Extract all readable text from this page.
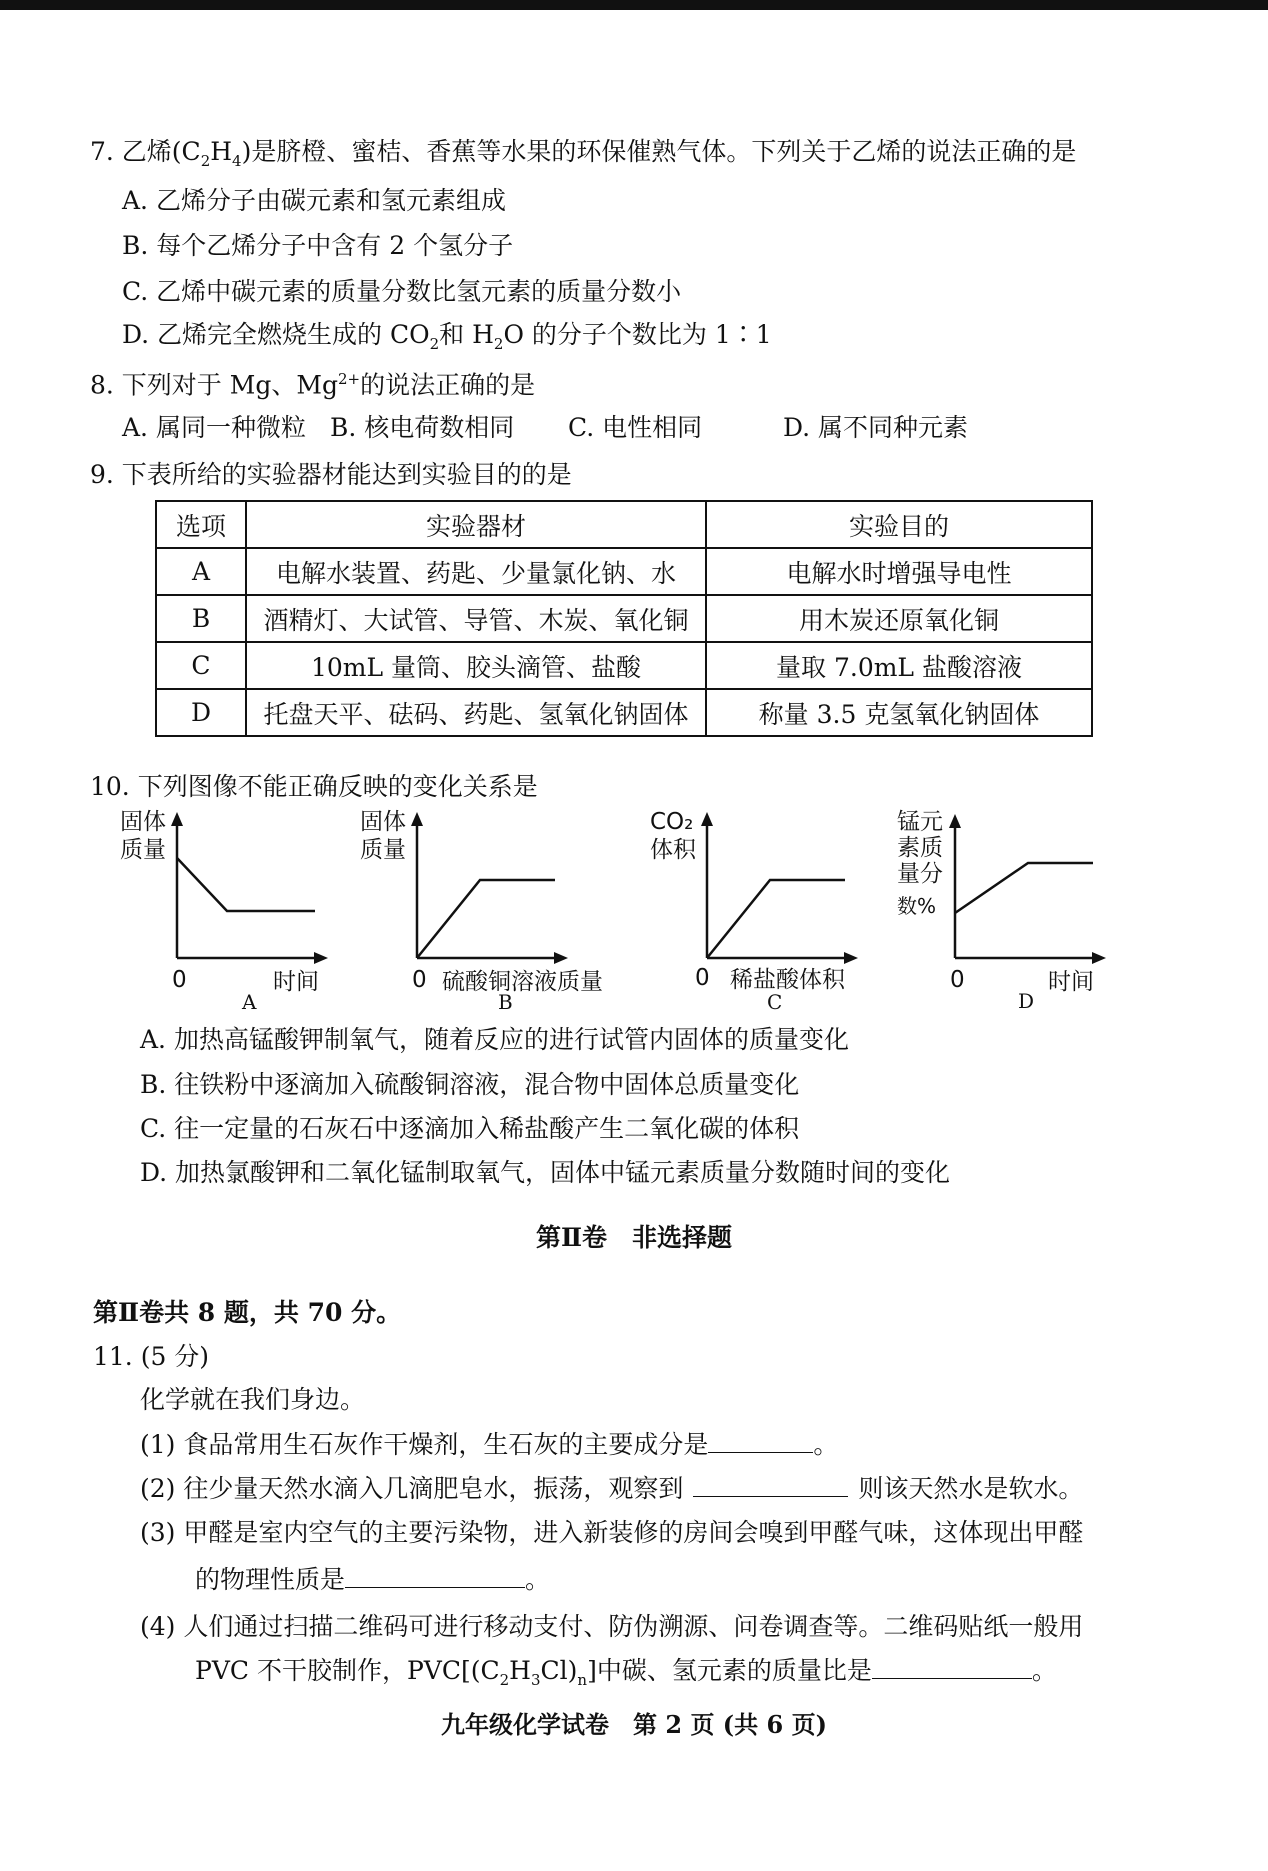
7. 乙烯$(C_2H_4)$是脐橙、蜜桔、香蕉等水果的环保催熟气体。下列关于乙烯的说法正确的是
A. 乙烯分子由碳元素和氢元素组成
B. 每个乙烯分子中含有 2 个氢分子
C. 乙烯中碳元素的质量分数比氢元素的质量分数小
D. 乙烯完全燃烧生成的 $CO_2$和 $H_2O$ 的分子个数比为 1∶1
8. 下列对于 Mg、$Mg^{2+}$的说法正确的是
A. 属同一种微粒 B. 核电荷数相同 C. 电性相同	D. 属不同种元素
9. 下表所给的实验器材能达到实验目的的是
选项	实验器材	实验目的
A	电解水装置、药匙、少量氯化钠、水	电解水时增强导电性
B	酒精灯、大试管、导管、木炭、氧化铜	用木炭还原氧化铜
C	10mL 量筒、胶头滴管、盐酸	量取 7.0mL 盐酸溶液
D	托盘天平、砝码、药匙、氢氧化钠固体	称量 3.5 克氢氧化钠固体
10. 下列图像不能正确反映的变化关系是
固体
质量
0	时间
A
固体
质量
0 硫酸铜溶液质量
B
CO₂
体积
0 稀盐酸体积
C
锰元
素质
量分
数%
0	时间
D
A. 加热高锰酸钾制氧气，随着反应的进行试管内固体的质量变化
B. 往铁粉中逐滴加入硫酸铜溶液，混合物中固体总质量变化
C. 往一定量的石灰石中逐滴加入稀盐酸产生二氧化碳的体积
D. 加热氯酸钾和二氧化锰制取氧气，固体中锰元素质量分数随时间的变化
第Ⅱ卷　非选择题
第Ⅱ卷共 8 题，共 70 分。
11. (5 分)
化学就在我们身边。
(1) 食品常用生石灰作干燥剂，生石灰的主要成分是	。
(2) 往少量天然水滴入几滴肥皂水，振荡，观察到	则该天然水是软水。
(3) 甲醛是室内空气的主要污染物，进入新装修的房间会嗅到甲醛气味，这体现出甲醛
的物理性质是	。
(4) 人们通过扫描二维码可进行移动支付、防伪溯源、问卷调查等。二维码贴纸一般用
PVC 不干胶制作，$PVC[(C_2H_3Cl)_n]$中碳、氢元素的质量比是	。
九年级化学试卷　第 2 页 (共 6 页)
